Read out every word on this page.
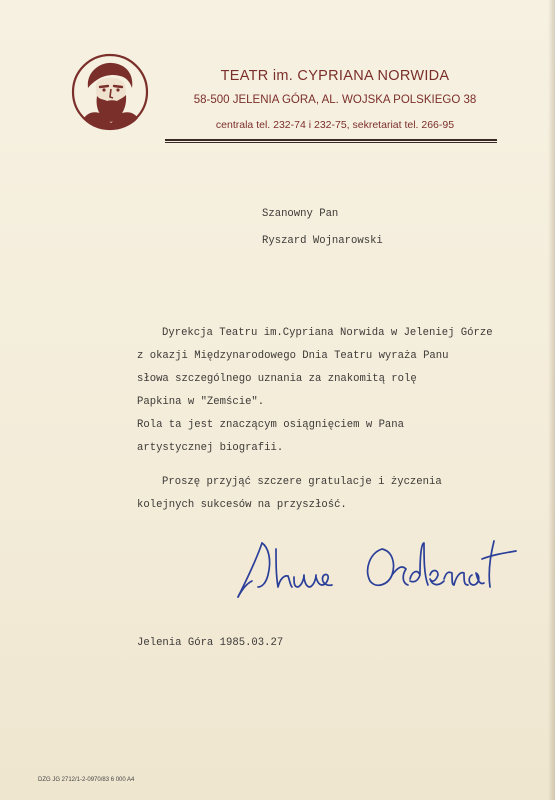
TEATR im. CYPRIANA NORWIDA
58-500 JELENIA GÓRA, AL. WOJSKA POLSKIEGO 38
centrala tel. 232-74 i 232-75, sekretariat tel. 266-95
Szanowny Pan
Ryszard Wojnarowski
Dyrekcja Teatru im.Cypriana Norwida w Jeleniej Górze
z okazji Międzynarodowego Dnia Teatru wyraża Panu
słowa szczególnego uznania za znakomitą rolę
Papkina w "Zemście".
Rola ta jest znaczącym osiągnięciem w Pana
artystycznej biografii.
Proszę przyjąć szczere gratulacje i życzenia
kolejnych sukcesów na przyszłość.
Jelenia Góra 1985.03.27
DZG JG 2712/1-2-0970/83 6 000 A4
